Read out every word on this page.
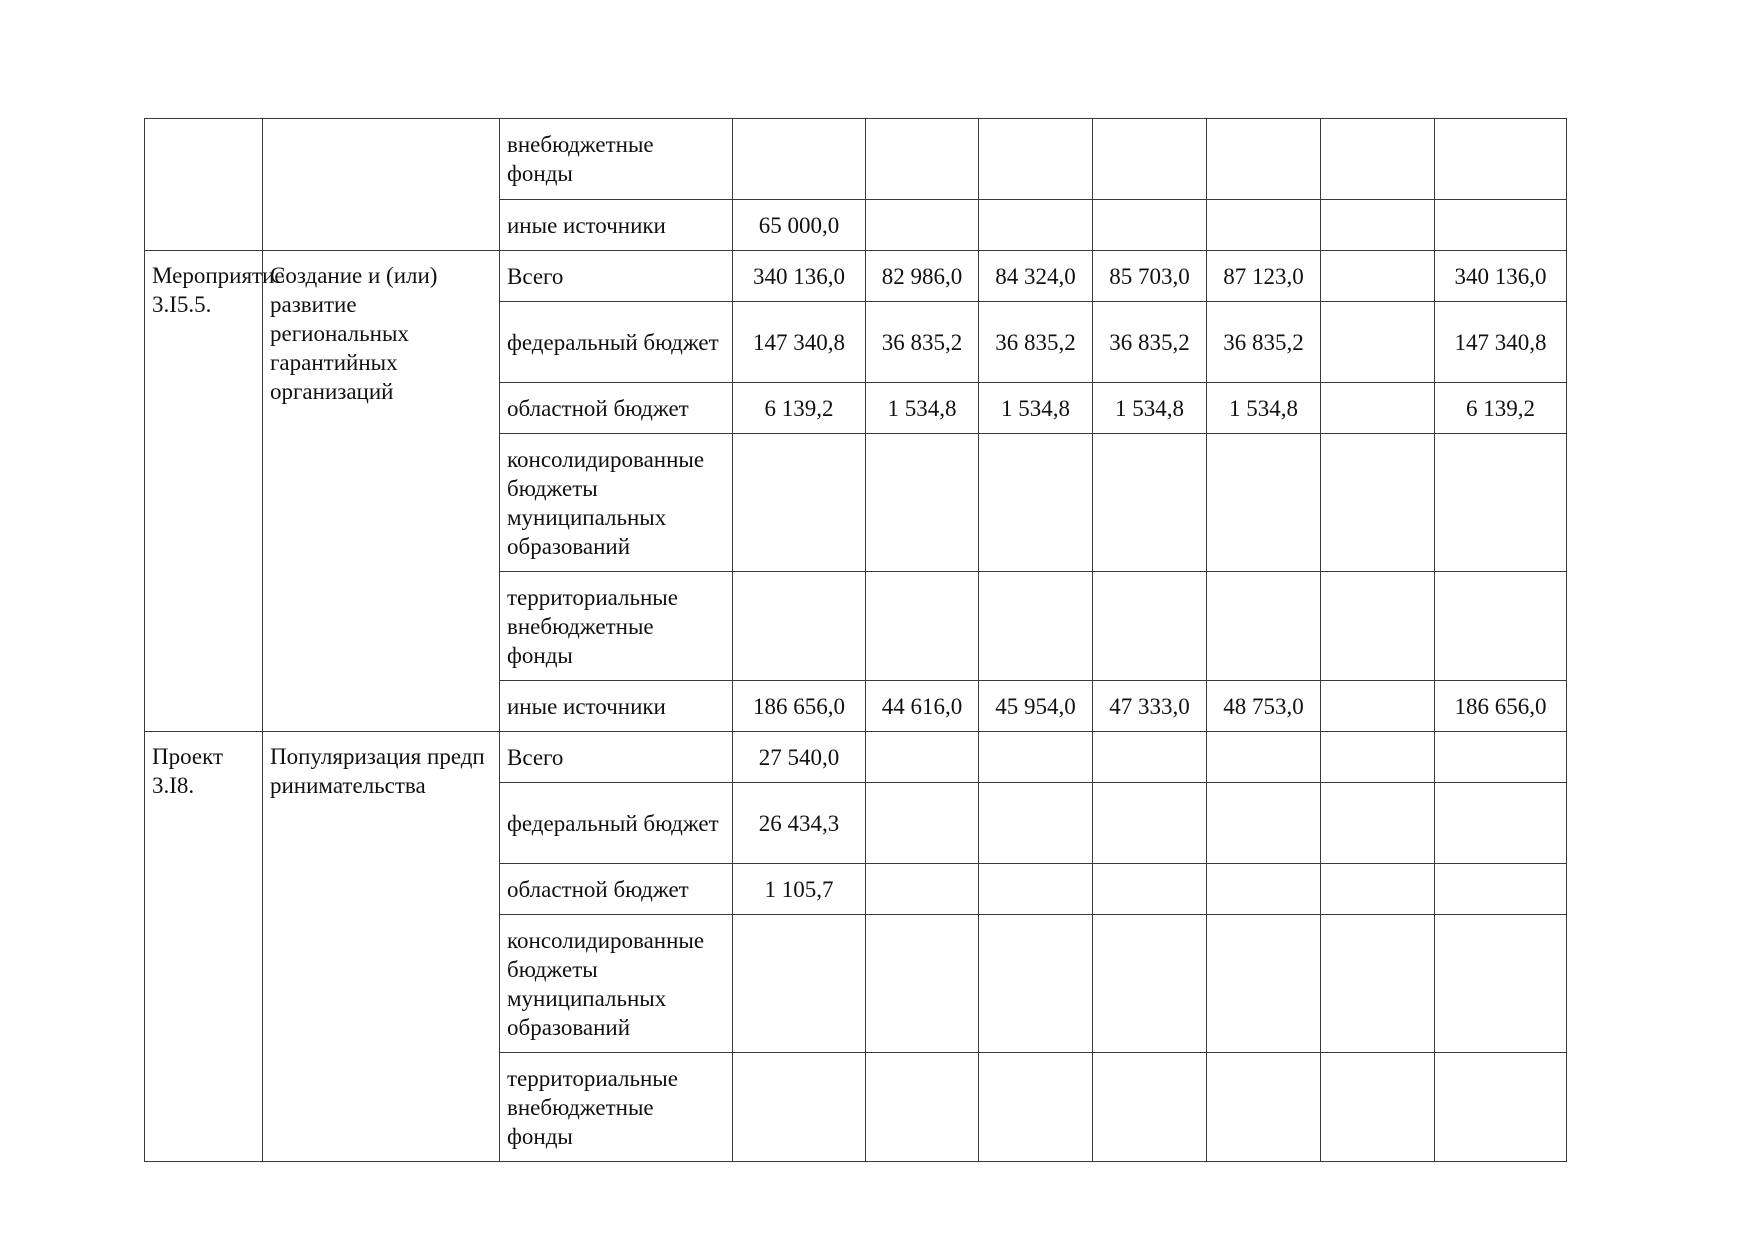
		внебюджетные фонды							
		иные источники	65 000,0						
Мероприятие 3.I5.5.	Создание и (или) развитие региональных гарантийных организаций	Всего	340 136,0	82 986,0	84 324,0	85 703,0	87 123,0		340 136,0
		федеральный бюджет	147 340,8	36 835,2	36 835,2	36 835,2	36 835,2		147 340,8
		областной бюджет	6 139,2	1 534,8	1 534,8	1 534,8	1 534,8		6 139,2
		консолидированные бюджеты муниципальных образований							
		территориальные внебюджетные фонды							
		иные источники	186 656,0	44 616,0	45 954,0	47 333,0	48 753,0		186 656,0
Проект 3.I8.	Популяризация предпринимательства	Всего	27 540,0						
		федеральный бюджет	26 434,3						
		областной бюджет	1 105,7						
		консолидированные бюджеты муниципальных образований							
		территориальные внебюджетные фонды							
